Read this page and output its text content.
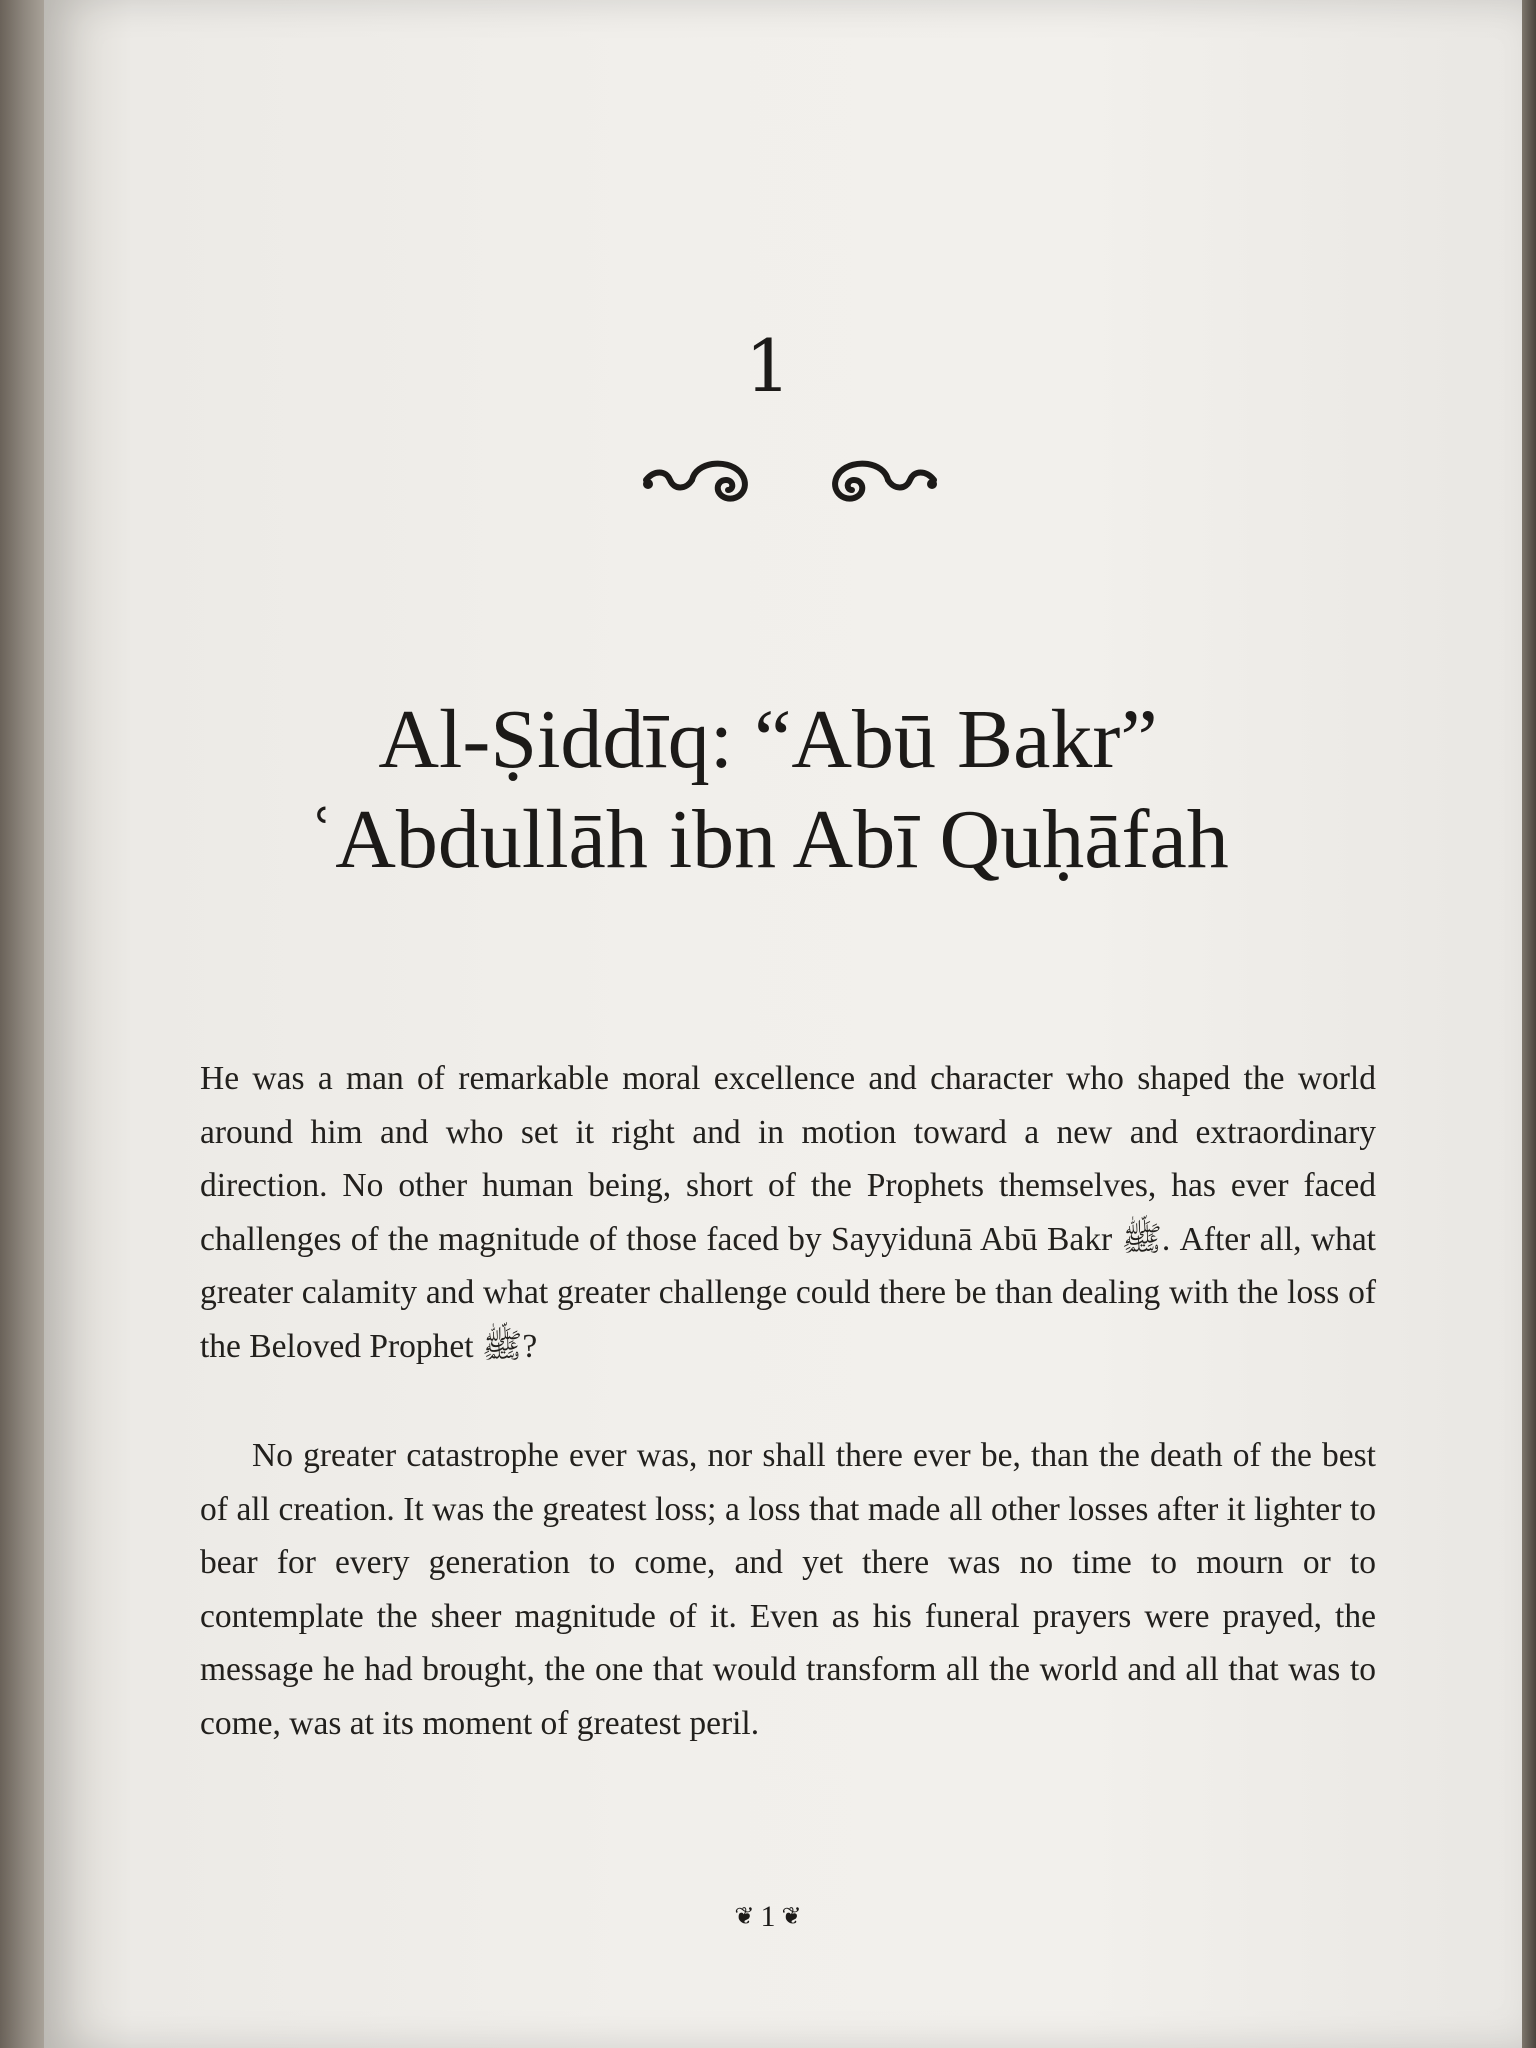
1
Al-Ṣiddīq: “Abū Bakr”
ʿAbdullāh ibn Abī Quḥāfah

He was a man of remarkable moral excellence and character who shaped the world around him and who set it right and in motion toward a new and extraordinary direction. No other human being, short of the Prophets themselves, has ever faced challenges of the magnitude of those faced by Sayyidunā Abū Bakr ﷺ. After all, what greater calamity and what greater challenge could there be than dealing with the loss of the Beloved Prophet ﷺ?

No greater catastrophe ever was, nor shall there ever be, than the death of the best of all creation. It was the greatest loss; a loss that made all other losses after it lighter to bear for every generation to come, and yet there was no time to mourn or to contemplate the sheer magnitude of it. Even as his funeral prayers were prayed, the message he had brought, the one that would transform all the world and all that was to come, was at its moment of greatest peril.

❦ 1 ❦
